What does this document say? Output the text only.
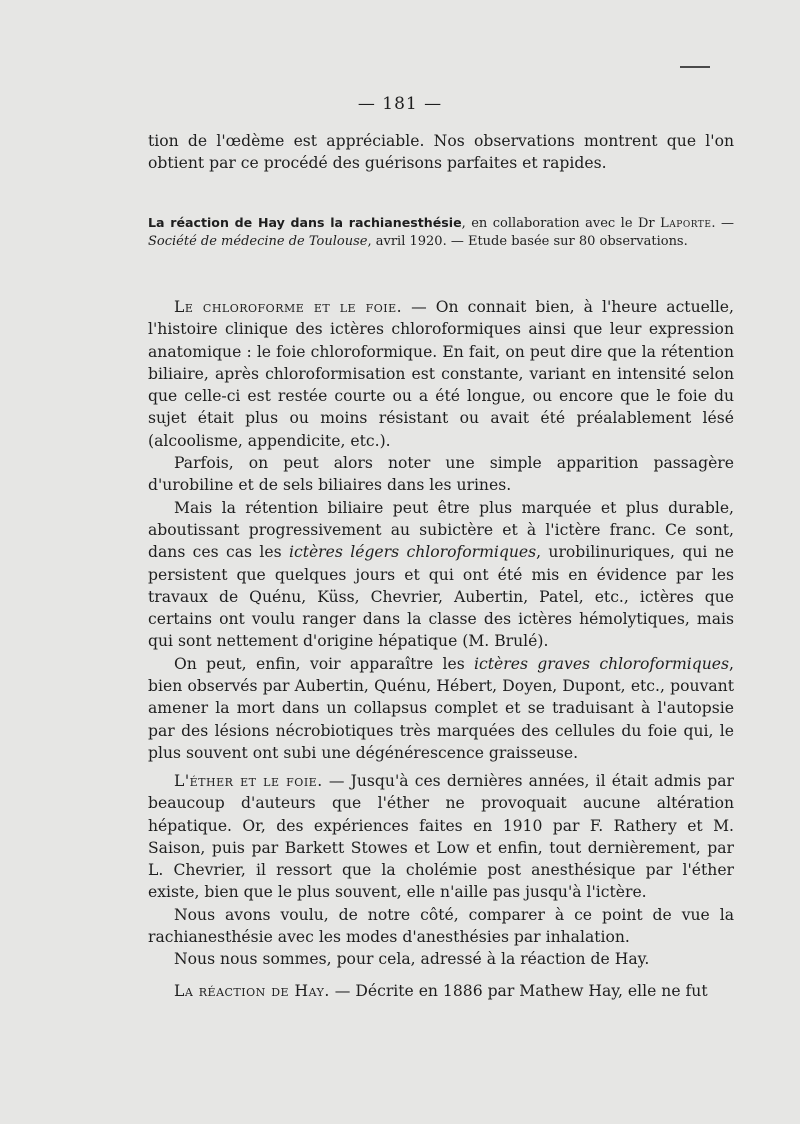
— 181 —

tion de l'œdème est appréciable. Nos observations montrent que l'on obtient par ce procédé des guérisons parfaites et rapides.

La réaction de Hay dans la rachianesthésie, en collaboration avec le Dr Laporte. — Société de médecine de Toulouse, avril 1920. — Etude basée sur 80 observations.

Le chloroforme et le foie. — On connait bien, à l'heure actuelle, l'histoire clinique des ictères chloroformiques ainsi que leur expression anatomique : le foie chloroformique. En fait, on peut dire que la rétention biliaire, après chloroformisation est constante, variant en intensité selon que celle-ci est restée courte ou a été longue, ou encore que le foie du sujet était plus ou moins résistant ou avait été préalablement lésé (alcoolisme, appendicite, etc.).

Parfois, on peut alors noter une simple apparition passagère d'urobiline et de sels biliaires dans les urines.

Mais la rétention biliaire peut être plus marquée et plus durable, aboutissant progressivement au subictère et à l'ictère franc. Ce sont, dans ces cas les ictères légers chloroformiques, urobilinuriques, qui ne persistent que quelques jours et qui ont été mis en évidence par les travaux de Quénu, Küss, Chevrier, Aubertin, Patel, etc., ictères que certains ont voulu ranger dans la classe des ictères hémolytiques, mais qui sont nettement d'origine hépatique (M. Brulé).

On peut, enfin, voir apparaître les ictères graves chloroformiques, bien observés par Aubertin, Quénu, Hébert, Doyen, Dupont, etc., pouvant amener la mort dans un collapsus complet et se traduisant à l'autopsie par des lésions nécrobiotiques très marquées des cellules du foie qui, le plus souvent ont subi une dégénérescence graisseuse.

L'éther et le foie. — Jusqu'à ces dernières années, il était admis par beaucoup d'auteurs que l'éther ne provoquait aucune altération hépatique. Or, des expériences faites en 1910 par F. Rathery et M. Saison, puis par Barkett Stowes et Low et enfin, tout dernièrement, par L. Chevrier, il ressort que la cholémie post anesthésique par l'éther existe, bien que le plus souvent, elle n'aille pas jusqu'à l'ictère.

Nous avons voulu, de notre côté, comparer à ce point de vue la rachianesthésie avec les modes d'anesthésies par inhalation.

Nous nous sommes, pour cela, adressé à la réaction de Hay.

La réaction de Hay. — Décrite en 1886 par Mathew Hay, elle ne fut
